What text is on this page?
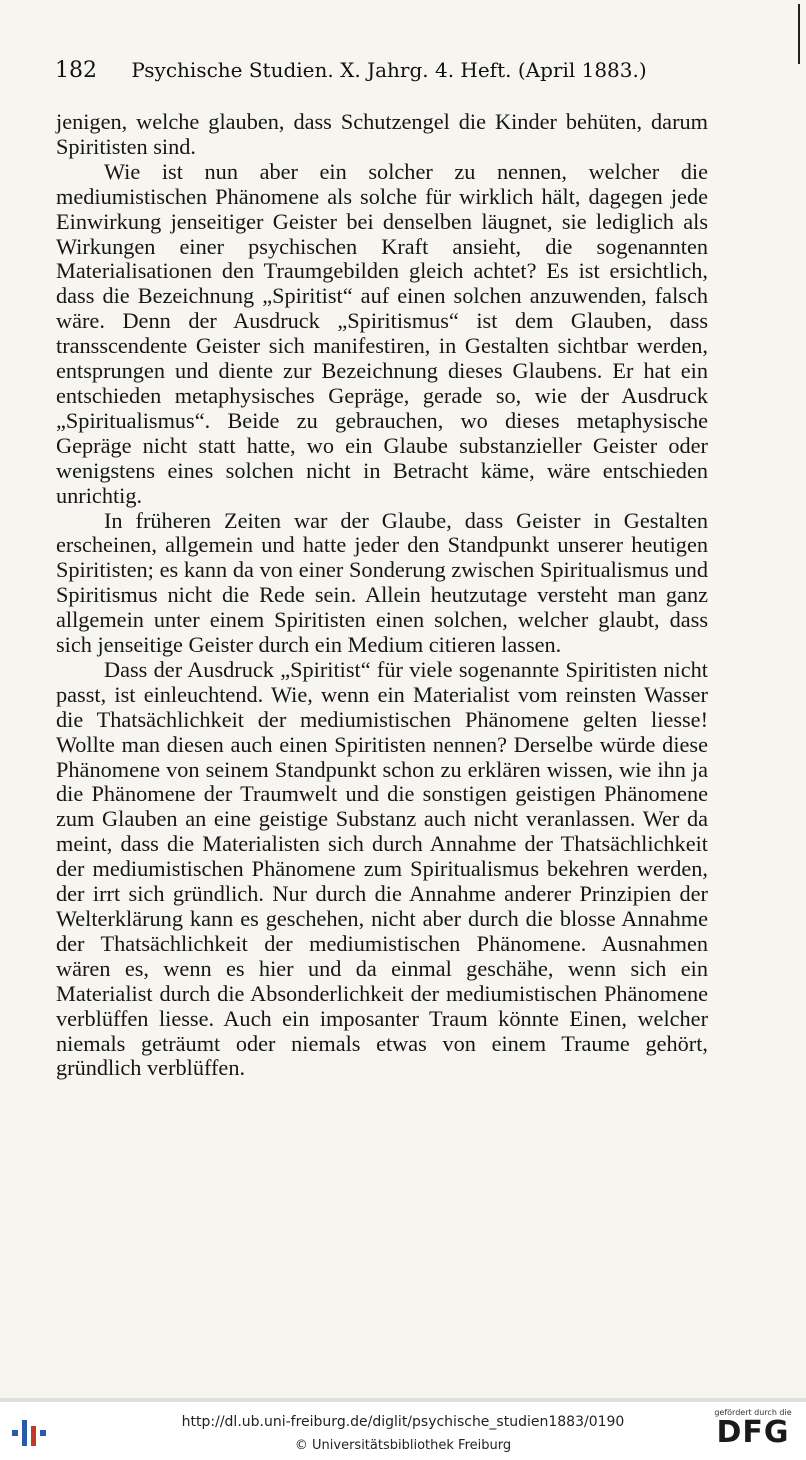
182 Psychische Studien. X. Jahrg. 4. Heft. (April 1883.)

jenigen, welche glauben, dass Schutzengel die Kinder behüten, darum Spiritisten sind.

Wie ist nun aber ein solcher zu nennen, welcher die mediumistischen Phänomene als solche für wirklich hält, dagegen jede Einwirkung jenseitiger Geister bei denselben läugnet, sie lediglich als Wirkungen einer psychischen Kraft ansieht, die sogenannten Materialisationen den Traumgebilden gleich achtet? Es ist ersichtlich, dass die Bezeichnung „Spiritist“ auf einen solchen anzuwenden, falsch wäre. Denn der Ausdruck „Spiritismus“ ist dem Glauben, dass transscendente Geister sich manifestiren, in Gestalten sichtbar werden, entsprungen und diente zur Bezeichnung dieses Glaubens. Er hat ein entschieden metaphysisches Gepräge, gerade so, wie der Ausdruck „Spiritualismus“. Beide zu gebrauchen, wo dieses metaphysische Gepräge nicht statt hatte, wo ein Glaube substanzieller Geister oder wenigstens eines solchen nicht in Betracht käme, wäre entschieden unrichtig.

In früheren Zeiten war der Glaube, dass Geister in Gestalten erscheinen, allgemein und hatte jeder den Standpunkt unserer heutigen Spiritisten; es kann da von einer Sonderung zwischen Spiritualismus und Spiritismus nicht die Rede sein. Allein heutzutage versteht man ganz allgemein unter einem Spiritisten einen solchen, welcher glaubt, dass sich jenseitige Geister durch ein Medium citieren lassen.

Dass der Ausdruck „Spiritist“ für viele sogenannte Spiritisten nicht passt, ist einleuchtend. Wie, wenn ein Materialist vom reinsten Wasser die Thatsächlichkeit der mediumistischen Phänomene gelten liesse! Wollte man diesen auch einen Spiritisten nennen? Derselbe würde diese Phänomene von seinem Standpunkt schon zu erklären wissen, wie ihn ja die Phänomene der Traumwelt und die sonstigen geistigen Phänomene zum Glauben an eine geistige Substanz auch nicht veranlassen. Wer da meint, dass die Materialisten sich durch Annahme der Thatsächlichkeit der mediumistischen Phänomene zum Spiritualismus bekehren werden, der irrt sich gründlich. Nur durch die Annahme anderer Prinzipien der Welterklärung kann es geschehen, nicht aber durch die blosse Annahme der Thatsächlichkeit der mediumistischen Phänomene. Ausnahmen wären es, wenn es hier und da einmal geschähe, wenn sich ein Materialist durch die Absonderlichkeit der mediumistischen Phänomene verblüffen liesse. Auch ein imposanter Traum könnte Einen, welcher niemals geträumt oder niemals etwas von einem Traume gehört, gründlich verblüffen.

http://dl.ub.uni-freiburg.de/diglit/psychische_studien1883/0190
© Universitätsbibliothek Freiburg
gefördert durch die
DFG
